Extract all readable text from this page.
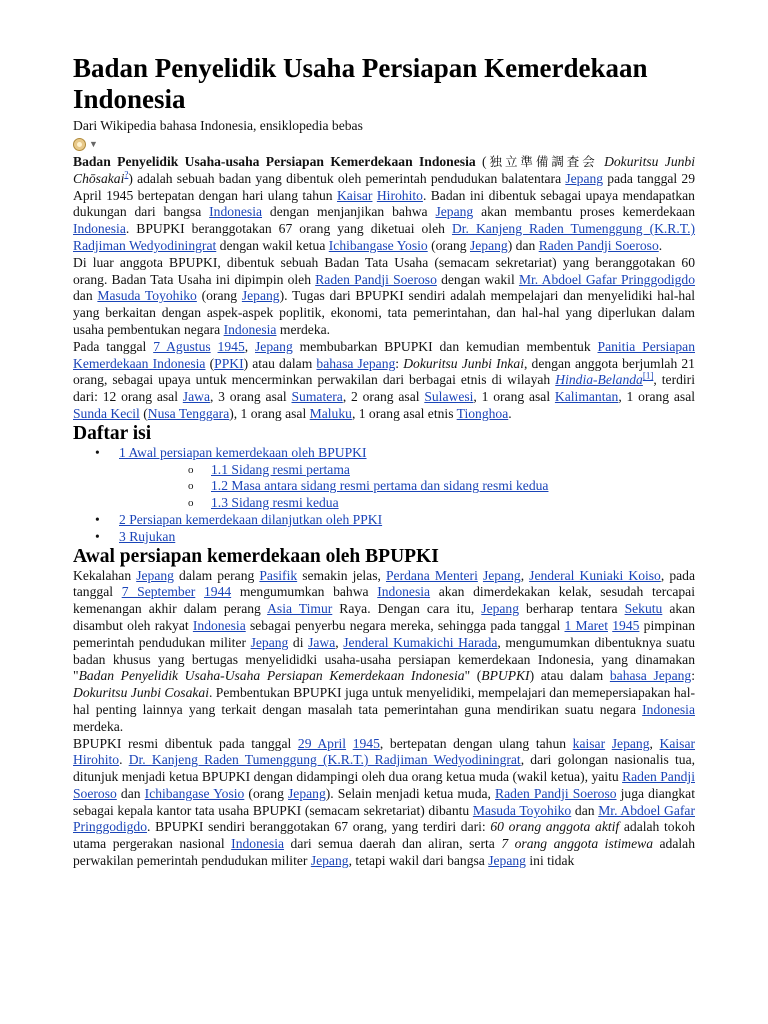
Badan Penyelidik Usaha Persiapan Kemerdekaan Indonesia
Dari Wikipedia bahasa Indonesia, ensiklopedia bebas
▼

Badan Penyelidik Usaha-usaha Persiapan Kemerdekaan Indonesia (独立準備調査会 Dokuritsu Junbi Chōsakai?) adalah sebuah badan yang dibentuk oleh pemerintah pendudukan balatentara Jepang pada tanggal 29 April 1945 bertepatan dengan hari ulang tahun Kaisar Hirohito. Badan ini dibentuk sebagai upaya mendapatkan dukungan dari bangsa Indonesia dengan menjanjikan bahwa Jepang akan membantu proses kemerdekaan Indonesia. BPUPKI beranggotakan 67 orang yang diketuai oleh Dr. Kanjeng Raden Tumenggung (K.R.T.) Radjiman Wedyodiningrat dengan wakil ketua Ichibangase Yosio (orang Jepang) dan Raden Pandji Soeroso.

Di luar anggota BPUPKI, dibentuk sebuah Badan Tata Usaha (semacam sekretariat) yang beranggotakan 60 orang. Badan Tata Usaha ini dipimpin oleh Raden Pandji Soeroso dengan wakil Mr. Abdoel Gafar Pringgodigdo dan Masuda Toyohiko (orang Jepang). Tugas dari BPUPKI sendiri adalah mempelajari dan menyelidiki hal-hal yang berkaitan dengan aspek-aspek poplitik, ekonomi, tata pemerintahan, dan hal-hal yang diperlukan dalam usaha pembentukan negara Indonesia merdeka.

Pada tanggal 7 Agustus 1945, Jepang membubarkan BPUPKI dan kemudian membentuk Panitia Persiapan Kemerdekaan Indonesia (PPKI) atau dalam bahasa Jepang: Dokuritsu Junbi Inkai, dengan anggota berjumlah 21 orang, sebagai upaya untuk mencerminkan perwakilan dari berbagai etnis di wilayah Hindia-Belanda[1], terdiri dari: 12 orang asal Jawa, 3 orang asal Sumatera, 2 orang asal Sulawesi, 1 orang asal Kalimantan, 1 orang asal Sunda Kecil (Nusa Tenggara), 1 orang asal Maluku, 1 orang asal etnis Tionghoa.

Daftar isi
• 1 Awal persiapan kemerdekaan oleh BPUPKI
o 1.1 Sidang resmi pertama
o 1.2 Masa antara sidang resmi pertama dan sidang resmi kedua
o 1.3 Sidang resmi kedua
• 2 Persiapan kemerdekaan dilanjutkan oleh PPKI
• 3 Rujukan
Awal persiapan kemerdekaan oleh BPUPKI

Kekalahan Jepang dalam perang Pasifik semakin jelas, Perdana Menteri Jepang, Jenderal Kuniaki Koiso, pada tanggal 7 September 1944 mengumumkan bahwa Indonesia akan dimerdekakan kelak, sesudah tercapai kemenangan akhir dalam perang Asia Timur Raya. Dengan cara itu, Jepang berharap tentara Sekutu akan disambut oleh rakyat Indonesia sebagai penyerbu negara mereka, sehingga pada tanggal 1 Maret 1945 pimpinan pemerintah pendudukan militer Jepang di Jawa, Jenderal Kumakichi Harada, mengumumkan dibentuknya suatu badan khusus yang bertugas menyelididki usaha-usaha persiapan kemerdekaan Indonesia, yang dinamakan "Badan Penyelidik Usaha-Usaha Persiapan Kemerdekaan Indonesia" (BPUPKI) atau dalam bahasa Jepang: Dokuritsu Junbi Cosakai. Pembentukan BPUPKI juga untuk menyelidiki, mempelajari dan memepersiapakan hal-hal penting lainnya yang terkait dengan masalah tata pemerintahan guna mendirikan suatu negara Indonesia merdeka.

BPUPKI resmi dibentuk pada tanggal 29 April 1945, bertepatan dengan ulang tahun kaisar Jepang, Kaisar Hirohito. Dr. Kanjeng Raden Tumenggung (K.R.T.) Radjiman Wedyodiningrat, dari golongan nasionalis tua, ditunjuk menjadi ketua BPUPKI dengan didampingi oleh dua orang ketua muda (wakil ketua), yaitu Raden Pandji Soeroso dan Ichibangase Yosio (orang Jepang). Selain menjadi ketua muda, Raden Pandji Soeroso juga diangkat sebagai kepala kantor tata usaha BPUPKI (semacam sekretariat) dibantu Masuda Toyohiko dan Mr. Abdoel Gafar Pringgodigdo. BPUPKI sendiri beranggotakan 67 orang, yang terdiri dari: 60 orang anggota aktif adalah tokoh utama pergerakan nasional Indonesia dari semua daerah dan aliran, serta 7 orang anggota istimewa adalah perwakilan pemerintah pendudukan militer Jepang, tetapi wakil dari bangsa Jepang ini tidak
